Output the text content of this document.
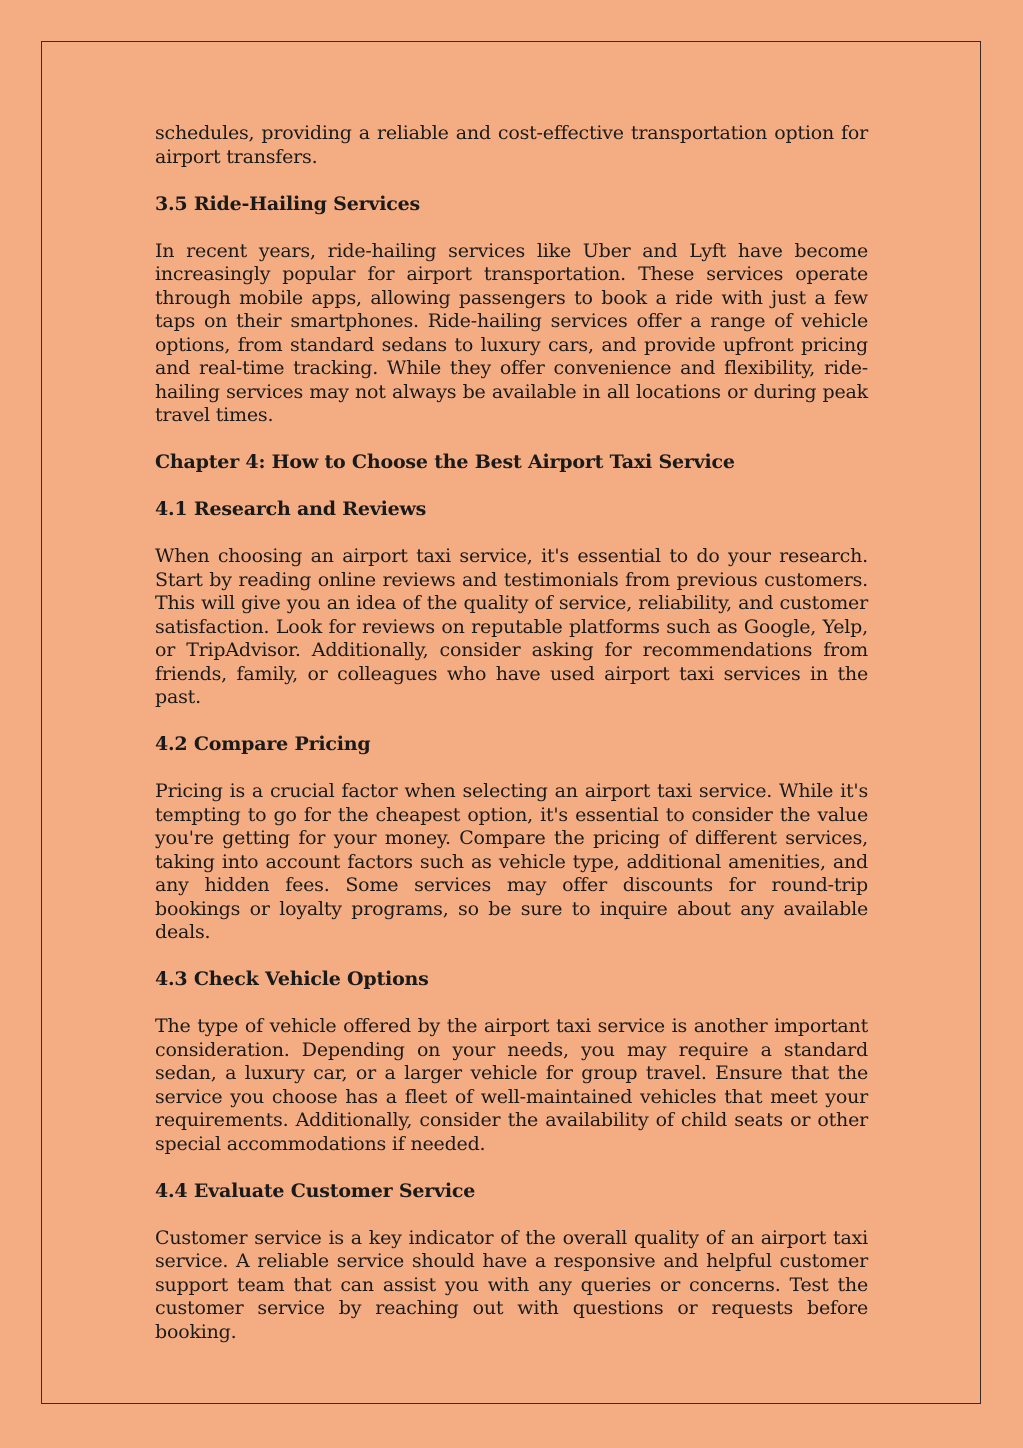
schedules, providing a reliable and cost-effective transportation option for airport transfers.

3.5 Ride-Hailing Services

In recent years, ride-hailing services like Uber and Lyft have become increasingly popular for airport transportation. These services operate through mobile apps, allowing passengers to book a ride with just a few taps on their smartphones. Ride-hailing services offer a range of vehicle options, from standard sedans to luxury cars, and provide upfront pricing and real-time tracking. While they offer convenience and flexibility, ride-hailing services may not always be available in all locations or during peak travel times.

Chapter 4: How to Choose the Best Airport Taxi Service
4.1 Research and Reviews

When choosing an airport taxi service, it's essential to do your research. Start by reading online reviews and testimonials from previous customers. This will give you an idea of the quality of service, reliability, and customer satisfaction. Look for reviews on reputable platforms such as Google, Yelp, or TripAdvisor. Additionally, consider asking for recommendations from friends, family, or colleagues who have used airport taxi services in the past.

4.2 Compare Pricing

Pricing is a crucial factor when selecting an airport taxi service. While it's tempting to go for the cheapest option, it's essential to consider the value you're getting for your money. Compare the pricing of different services, taking into account factors such as vehicle type, additional amenities, and any hidden fees. Some services may offer discounts for round-trip bookings or loyalty programs, so be sure to inquire about any available deals.

4.3 Check Vehicle Options

The type of vehicle offered by the airport taxi service is another important consideration. Depending on your needs, you may require a standard sedan, a luxury car, or a larger vehicle for group travel. Ensure that the service you choose has a fleet of well-maintained vehicles that meet your requirements. Additionally, consider the availability of child seats or other special accommodations if needed.

4.4 Evaluate Customer Service

Customer service is a key indicator of the overall quality of an airport taxi service. A reliable service should have a responsive and helpful customer support team that can assist you with any queries or concerns. Test the customer service by reaching out with questions or requests before booking.
